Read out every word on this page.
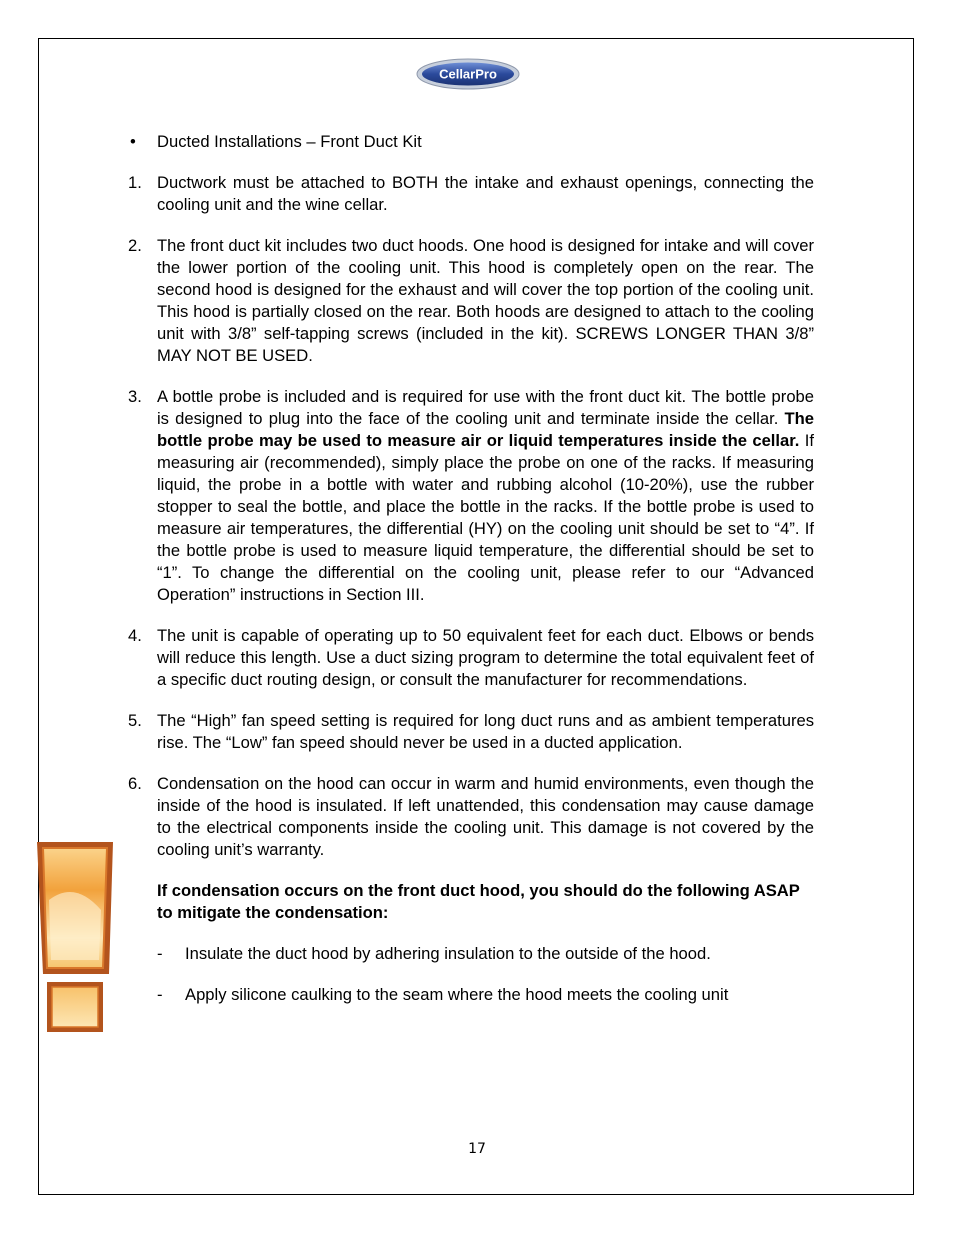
CellarPro
• Ducted Installations – Front Duct Kit
1. Ductwork must be attached to BOTH the intake and exhaust openings, connecting the cooling unit and the wine cellar.

2. The front duct kit includes two duct hoods. One hood is designed for intake and will cover the lower portion of the cooling unit. This hood is completely open on the rear. The second hood is designed for the exhaust and will cover the top portion of the cooling unit. This hood is partially closed on the rear. Both hoods are designed to attach to the cooling unit with 3/8” self-tapping screws (included in the kit). SCREWS LONGER THAN 3/8” MAY NOT BE USED.

3. A bottle probe is included and is required for use with the front duct kit. The bottle probe is designed to plug into the face of the cooling unit and terminate inside the cellar. The bottle probe may be used to measure air or liquid temperatures inside the cellar. If measuring air (recommended), simply place the probe on one of the racks. If measuring liquid, the probe in a bottle with water and rubbing alcohol (10-20%), use the rubber stopper to seal the bottle, and place the bottle in the racks. If the bottle probe is used to measure air temperatures, the differential (HY) on the cooling unit should be set to “4”. If the bottle probe is used to measure liquid temperature, the differential should be set to “1”. To change the differential on the cooling unit, please refer to our “Advanced Operation” instructions in Section III.

4. The unit is capable of operating up to 50 equivalent feet for each duct. Elbows or bends will reduce this length. Use a duct sizing program to determine the total equivalent feet of a specific duct routing design, or consult the manufacturer for recommendations.

5. The “High” fan speed setting is required for long duct runs and as ambient temperatures rise. The “Low” fan speed should never be used in a ducted application.

6. Condensation on the hood can occur in warm and humid environments, even though the inside of the hood is insulated. If left unattended, this condensation may cause damage to the electrical components inside the cooling unit. This damage is not covered by the cooling unit’s warranty.

If condensation occurs on the front duct hood, you should do the following ASAP to mitigate the condensation:

- Insulate the duct hood by adhering insulation to the outside of the hood.

- Apply silicone caulking to the seam where the hood meets the cooling unit

17
